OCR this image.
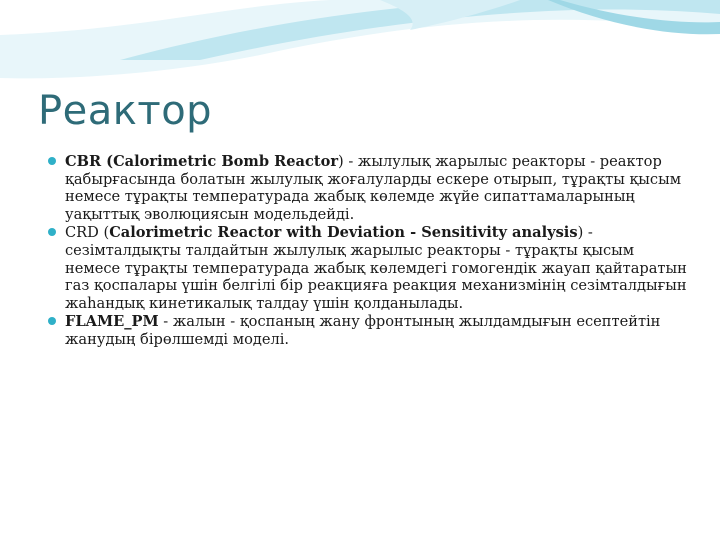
Реактор
CBR (Calorimetric Bomb Reactor) - жылулық жарылыс реакторы - реактор қабырғасында болатын жылулық жоғалуларды ескере отырып, тұрақты қысым немесе тұрақты температурада жабық көлемде жүйе сипаттамаларының уақыттық эволюциясын модельдейді.
CRD (Calorimetric Reactor with Deviation - Sensitivity analysis) - сезімталдықты талдайтын жылулық жарылыс реакторы - тұрақты қысым немесе тұрақты температурада жабық көлемдегі гомогендік жауап қайтаратын газ қоспалары үшін белгілі бір реакцияға реакция механизмінің сезімталдығын жаһандық кинетикалық талдау үшін қолданылады.
FLAME_PM - жалын - қоспаның жану фронтының жылдамдығын есептейтін жанудың бірөлшемді моделі.
